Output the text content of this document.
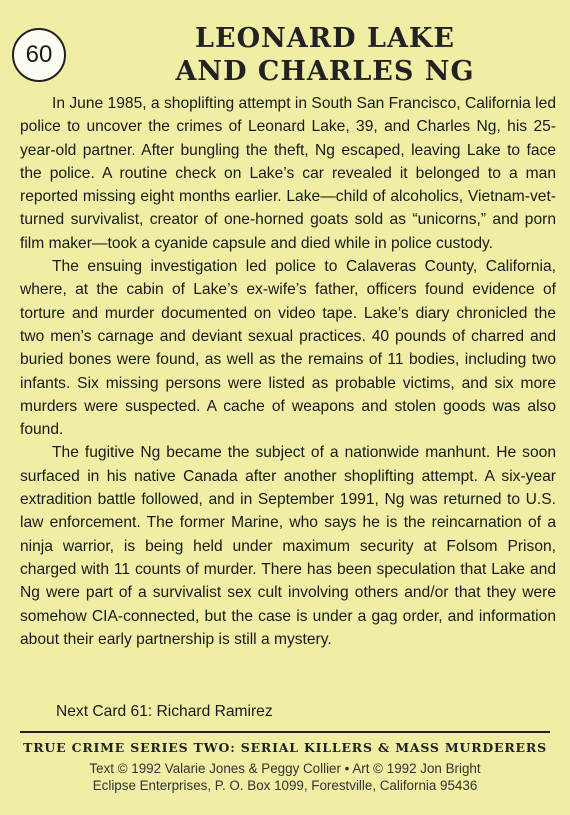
60
LEONARD LAKE
AND CHARLES NG

In June 1985, a shoplifting attempt in South San Francisco, California led police to uncover the crimes of Leonard Lake, 39, and Charles Ng, his 25-year-old partner. After bungling the theft, Ng escaped, leaving Lake to face the police. A routine check on Lake’s car revealed it belonged to a man reported missing eight months earlier. Lake—child of alcoholics, Vietnam-vet-turned survivalist, creator of one-horned goats sold as “unicorns,” and porn film maker—took a cyanide capsule and died while in police custody.

The ensuing investigation led police to Calaveras County, California, where, at the cabin of Lake’s ex-wife’s father, officers found evidence of torture and murder documented on video tape. Lake’s diary chronicled the two men’s carnage and deviant sexual practices. 40 pounds of charred and buried bones were found, as well as the remains of 11 bodies, including two infants. Six missing persons were listed as probable victims, and six more murders were suspected. A cache of weapons and stolen goods was also found.

The fugitive Ng became the subject of a nationwide manhunt. He soon surfaced in his native Canada after another shoplifting attempt. A six-year extradition battle followed, and in September 1991, Ng was returned to U.S. law enforcement. The former Marine, who says he is the reincarnation of a ninja warrior, is being held under maximum security at Folsom Prison, charged with 11 counts of murder. There has been speculation that Lake and Ng were part of a survivalist sex cult involving others and/or that they were somehow CIA-connected, but the case is under a gag order, and information about their early partnership is still a mystery.

Next Card 61: Richard Ramirez
TRUE CRIME SERIES TWO: SERIAL KILLERS & MASS MURDERERS
Text © 1992 Valarie Jones & Peggy Collier • Art © 1992 Jon Bright
Eclipse Enterprises, P. O. Box 1099, Forestville, California 95436
